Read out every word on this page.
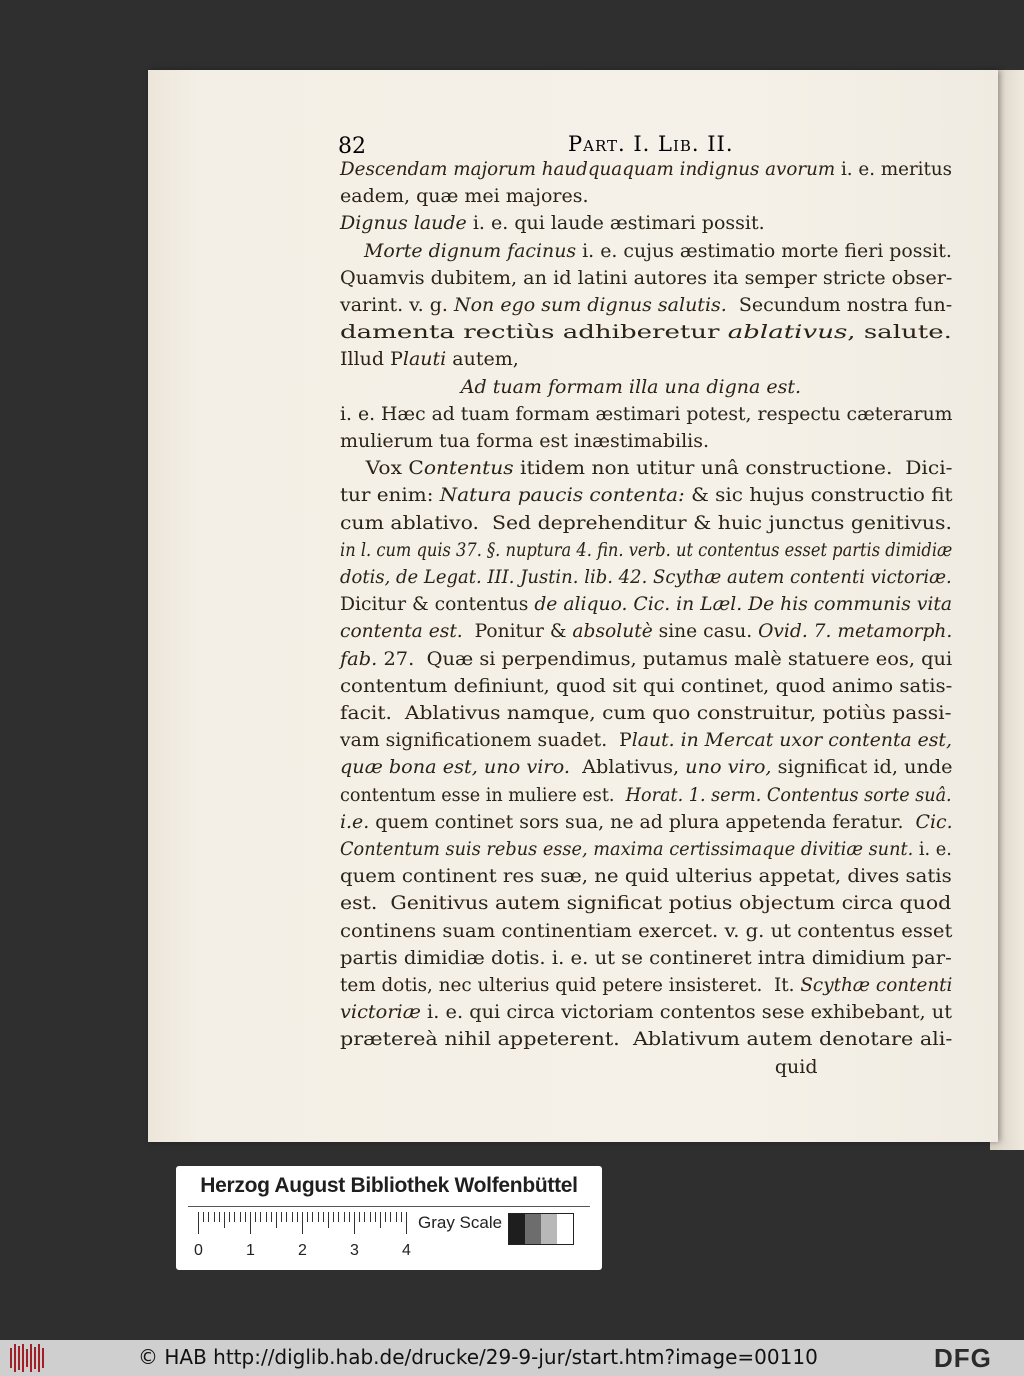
82	Part. I. Lib. II.
Descendam majorum haudquaquam indignus avorum i. e. meritus
eadem, quæ mei majores.
Dignus laude i. e. qui laude æstimari possit.
Morte dignum facinus i. e. cujus æstimatio morte fieri possit.
Quamvis dubitem, an id latini autores ita semper stricte obser-
varint. v. g. Non ego sum dignus salutis.  Secundum nostra fun-
damenta rectiùs adhiberetur ablativus, salute.
Illud Plauti autem,
Ad tuam formam illa una digna est.
i. e. Hæc ad tuam formam æstimari potest, respectu cæterarum
mulierum tua forma est inæstimabilis.
Vox Contentus itidem non utitur unâ constructione.  Dici-
tur enim: Natura paucis contenta: & sic hujus constructio fit
cum ablativo.  Sed deprehenditur & huic junctus genitivus.
in l. cum quis 37. §. nuptura 4. fin. verb. ut contentus esset partis dimidiæ
dotis, de Legat. III. Justin. lib. 42. Scythæ autem contenti victoriæ.
Dicitur & contentus de aliquo. Cic. in Læl. De his communis vita
contenta est.  Ponitur & absolutè sine casu. Ovid. 7. metamorph.
fab. 27.  Quæ si perpendimus, putamus malè statuere eos, qui
contentum definiunt, quod sit qui continet, quod animo satis-
facit.  Ablativus namque, cum quo construitur, potiùs passi-
vam significationem suadet.  Plaut. in Mercat uxor contenta est,
quæ bona est, uno viro.  Ablativus, uno viro, significat id, unde
contentum esse in muliere est.  Horat. 1. serm. Contentus sorte suâ.
i.e. quem continet sors sua, ne ad plura appetenda feratur.  Cic.
Contentum suis rebus esse, maxima certissimaque divitiæ sunt. i. e.
quem continent res suæ, ne quid ulterius appetat, dives satis
est.  Genitivus autem significat potius objectum circa quod
continens suam continentiam exercet. v. g. ut contentus esset
partis dimidiæ dotis. i. e. ut se contineret intra dimidium par-
tem dotis, nec ulterius quid petere insisteret.  It. Scythæ contenti
victoriæ i. e. qui circa victoriam contentos sese exhibebant, ut
prætereà nihil appeterent.  Ablativum autem denotare ali-
quid
Herzog August Bibliothek Wolfenbüttel
0	1	2	3	4
Gray Scale
© HAB http://diglib.hab.de/drucke/29-9-jur/start.htm?image=00110	DFG
